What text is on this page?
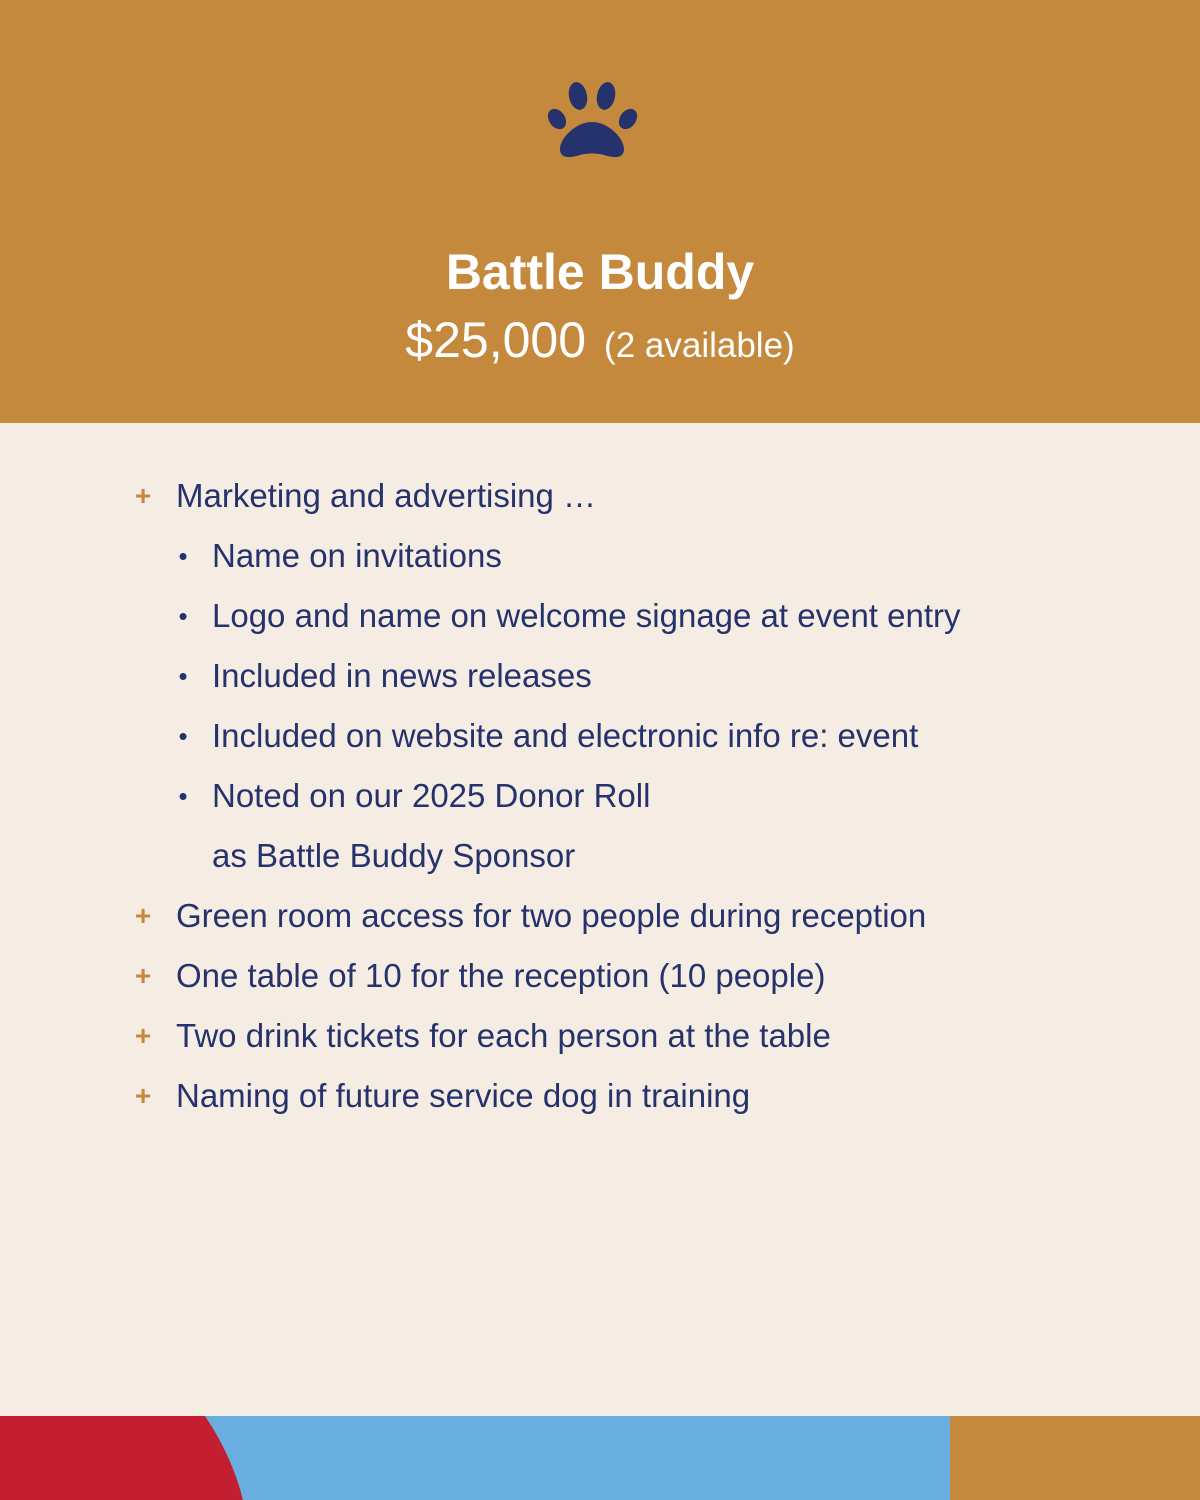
Battle Buddy
$25,000 (2 available)
+ Marketing and advertising …
• Name on invitations
• Logo and name on welcome signage at event entry
• Included in news releases
• Included on website and electronic info re: event
• Noted on our 2025 Donor Roll
as Battle Buddy Sponsor
+ Green room access for two people during reception
+ One table of 10 for the reception (10 people)
+ Two drink tickets for each person at the table
+ Naming of future service dog in training
